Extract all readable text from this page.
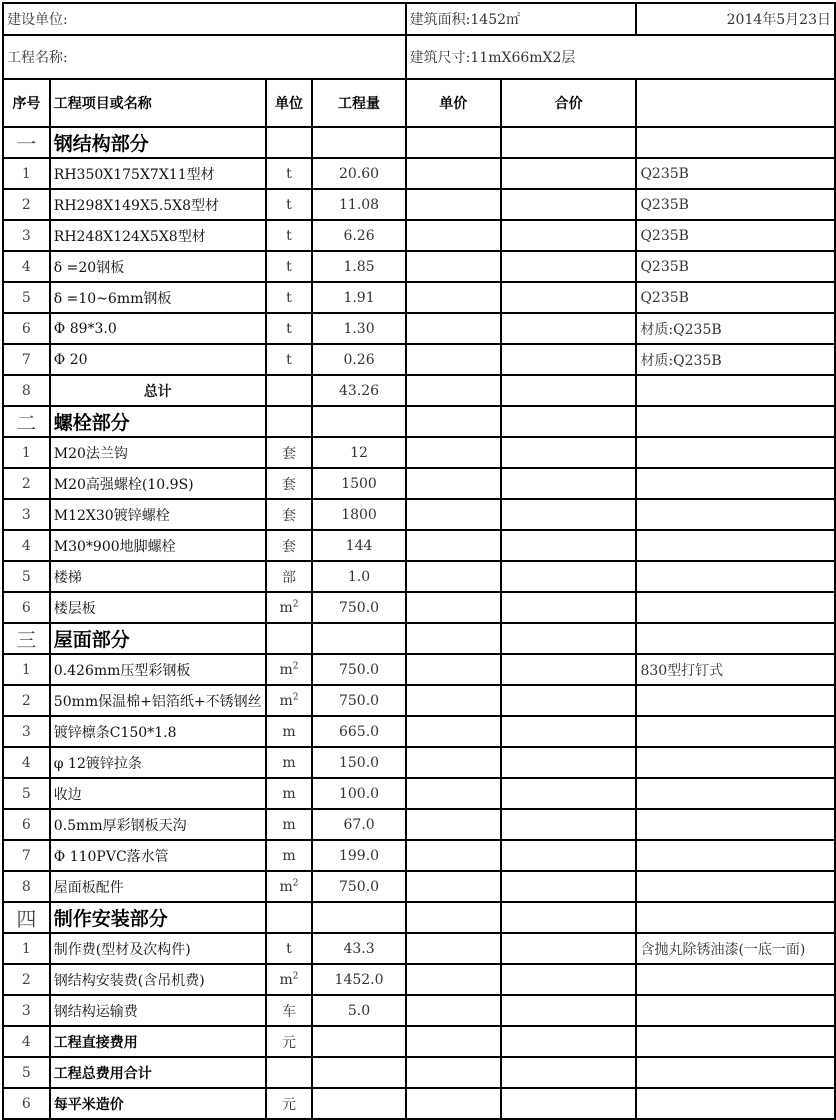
建设单位:				建筑面积:1452㎡		2014年5月23日
工程名称:				建筑尺寸:11mX66mX2层		
序号	工程项目或名称	单位	工程量	单价	合价	
一	钢结构部分					
1	RH350X175X7X11型材	t	20.60			Q235B
2	RH298X149X5.5X8型材	t	11.08			Q235B
3	RH248X124X5X8型材	t	6.26			Q235B
4	δ =20钢板	t	1.85			Q235B
5	δ =10~6mm钢板	t	1.91			Q235B
6	Φ 89*3.0	t	1.30			材质:Q235B
7	Φ 20	t	0.26			材质:Q235B
8	总计		43.26			
二	螺栓部分					
1	M20法兰钩	套	12			
2	M20高强螺栓(10.9S)	套	1500			
3	M12X30镀锌螺栓	套	1800			
4	M30*900地脚螺栓	套	144			
5	楼梯	部	1.0			
6	楼层板	$m^2$	750.0			
三	屋面部分					
1	0.426mm压型彩钢板	$m^2$	750.0			830型打钉式
2	50mm保温棉+铝箔纸+不锈钢丝	$m^2$	750.0			
3	镀锌檩条C150*1.8	m	665.0			
4	φ 12镀锌拉条	m	150.0			
5	收边	m	100.0			
6	0.5mm厚彩钢板天沟	m	67.0			
7	Φ 110PVC落水管	m	199.0			
8	屋面板配件	$m^2$	750.0			
四	制作安装部分					
1	制作费(型材及次构件)	t	43.3			含抛丸除锈油漆(一底一面)
2	钢结构安装费(含吊机费)	$m^2$	1452.0			
3	钢结构运输费	车	5.0			
4	工程直接费用	元				
5	工程总费用合计					
6	每平米造价	元				
